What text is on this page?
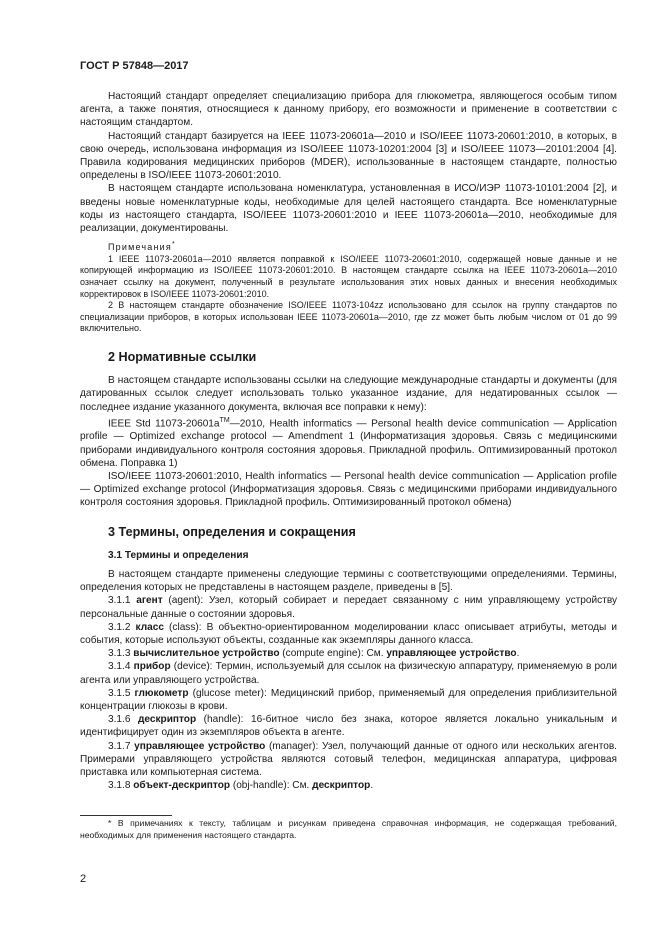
ГОСТ Р 57848—2017

Настоящий стандарт определяет специализацию прибора для глюкометра, являющегося особым типом агента, а также понятия, относящиеся к данному прибору, его возможности и применение в соответствии с настоящим стандартом.

Настоящий стандарт базируется на IEEE 11073-20601a—2010 и ISO/IEEE 11073-20601:2010, в которых, в свою очередь, использована информация из ISO/IEEE 11073-10201:2004 [3] и ISO/IEEE 11073—20101:2004 [4]. Правила кодирования медицинских приборов (MDER), использованные в настоящем стандарте, полностью определены в ISO/IEEE 11073-20601:2010.

В настоящем стандарте использована номенклатура, установленная в ИСО/ИЭР 11073-10101:2004 [2], и введены новые номенклатурные коды, необходимые для целей настоящего стандарта. Все номенклатурные коды из настоящего стандарта, ISO/IEEE 11073-20601:2010 и IEEE 11073-20601a—2010, необходимые для реализации, документированы.

Примечания*

1 IEEE 11073-20601a—2010 является поправкой к ISO/IEEE 11073-20601:2010, содержащей новые данные и не копирующей информацию из ISO/IEEE 11073-20601:2010. В настоящем стандарте ссылка на IEEE 11073-20601a—2010 означает ссылку на документ, полученный в результате использования этих новых данных и внесения необходимых корректировок в ISO/IEEE 11073-20601:2010.

2 В настоящем стандарте обозначение ISO/IEEE 11073-104zz использовано для ссылок на группу стандартов по специализации приборов, в которых использован IEEE 11073-20601a—2010, где zz может быть любым числом от 01 до 99 включительно.

2 Нормативные ссылки

В настоящем стандарте использованы ссылки на следующие международные стандарты и документы (для датированных ссылок следует использовать только указанное издание, для недатированных ссылок — последнее издание указанного документа, включая все поправки к нему):

IEEE Std 11073-20601a™—2010, Health informatics — Personal health device communication — Application profile — Optimized exchange protocol — Amendment 1 (Информатизация здоровья. Связь с медицинскими приборами индивидуального контроля состояния здоровья. Прикладной профиль. Оптимизированный протокол обмена. Поправка 1)

ISO/IEEE 11073-20601:2010, Health informatics — Personal health device communication — Application profile — Optimized exchange protocol (Информатизация здоровья. Связь с медицинскими приборами индивидуального контроля состояния здоровья. Прикладной профиль. Оптимизированный протокол обмена)

3 Термины, определения и сокращения
3.1 Термины и определения

В настоящем стандарте применены следующие термины с соответствующими определениями. Термины, определения которых не представлены в настоящем разделе, приведены в [5].

3.1.1 агент (agent): Узел, который собирает и передает связанному с ним управляющему устройству персональные данные о состоянии здоровья.

3.1.2 класс (class): В объектно-ориентированном моделировании класс описывает атрибуты, методы и события, которые используют объекты, созданные как экземпляры данного класса.

3.1.3 вычислительное устройство (compute engine): См. управляющее устройство.

3.1.4 прибор (device): Термин, используемый для ссылок на физическую аппаратуру, применяемую в роли агента или управляющего устройства.

3.1.5 глюкометр (glucose meter): Медицинский прибор, применяемый для определения приблизительной концентрации глюкозы в крови.

3.1.6 дескриптор (handle): 16-битное число без знака, которое является локально уникальным и идентифицирует один из экземпляров объекта в агенте.

3.1.7 управляющее устройство (manager): Узел, получающий данные от одного или нескольких агентов. Примерами управляющего устройства являются сотовый телефон, медицинская аппаратура, цифровая приставка или компьютерная система.

3.1.8 объект-дескриптор (obj-handle): См. дескриптор.

* В примечаниях к тексту, таблицам и рисункам приведена справочная информация, не содержащая требований, необходимых для применения настоящего стандарта.
2
